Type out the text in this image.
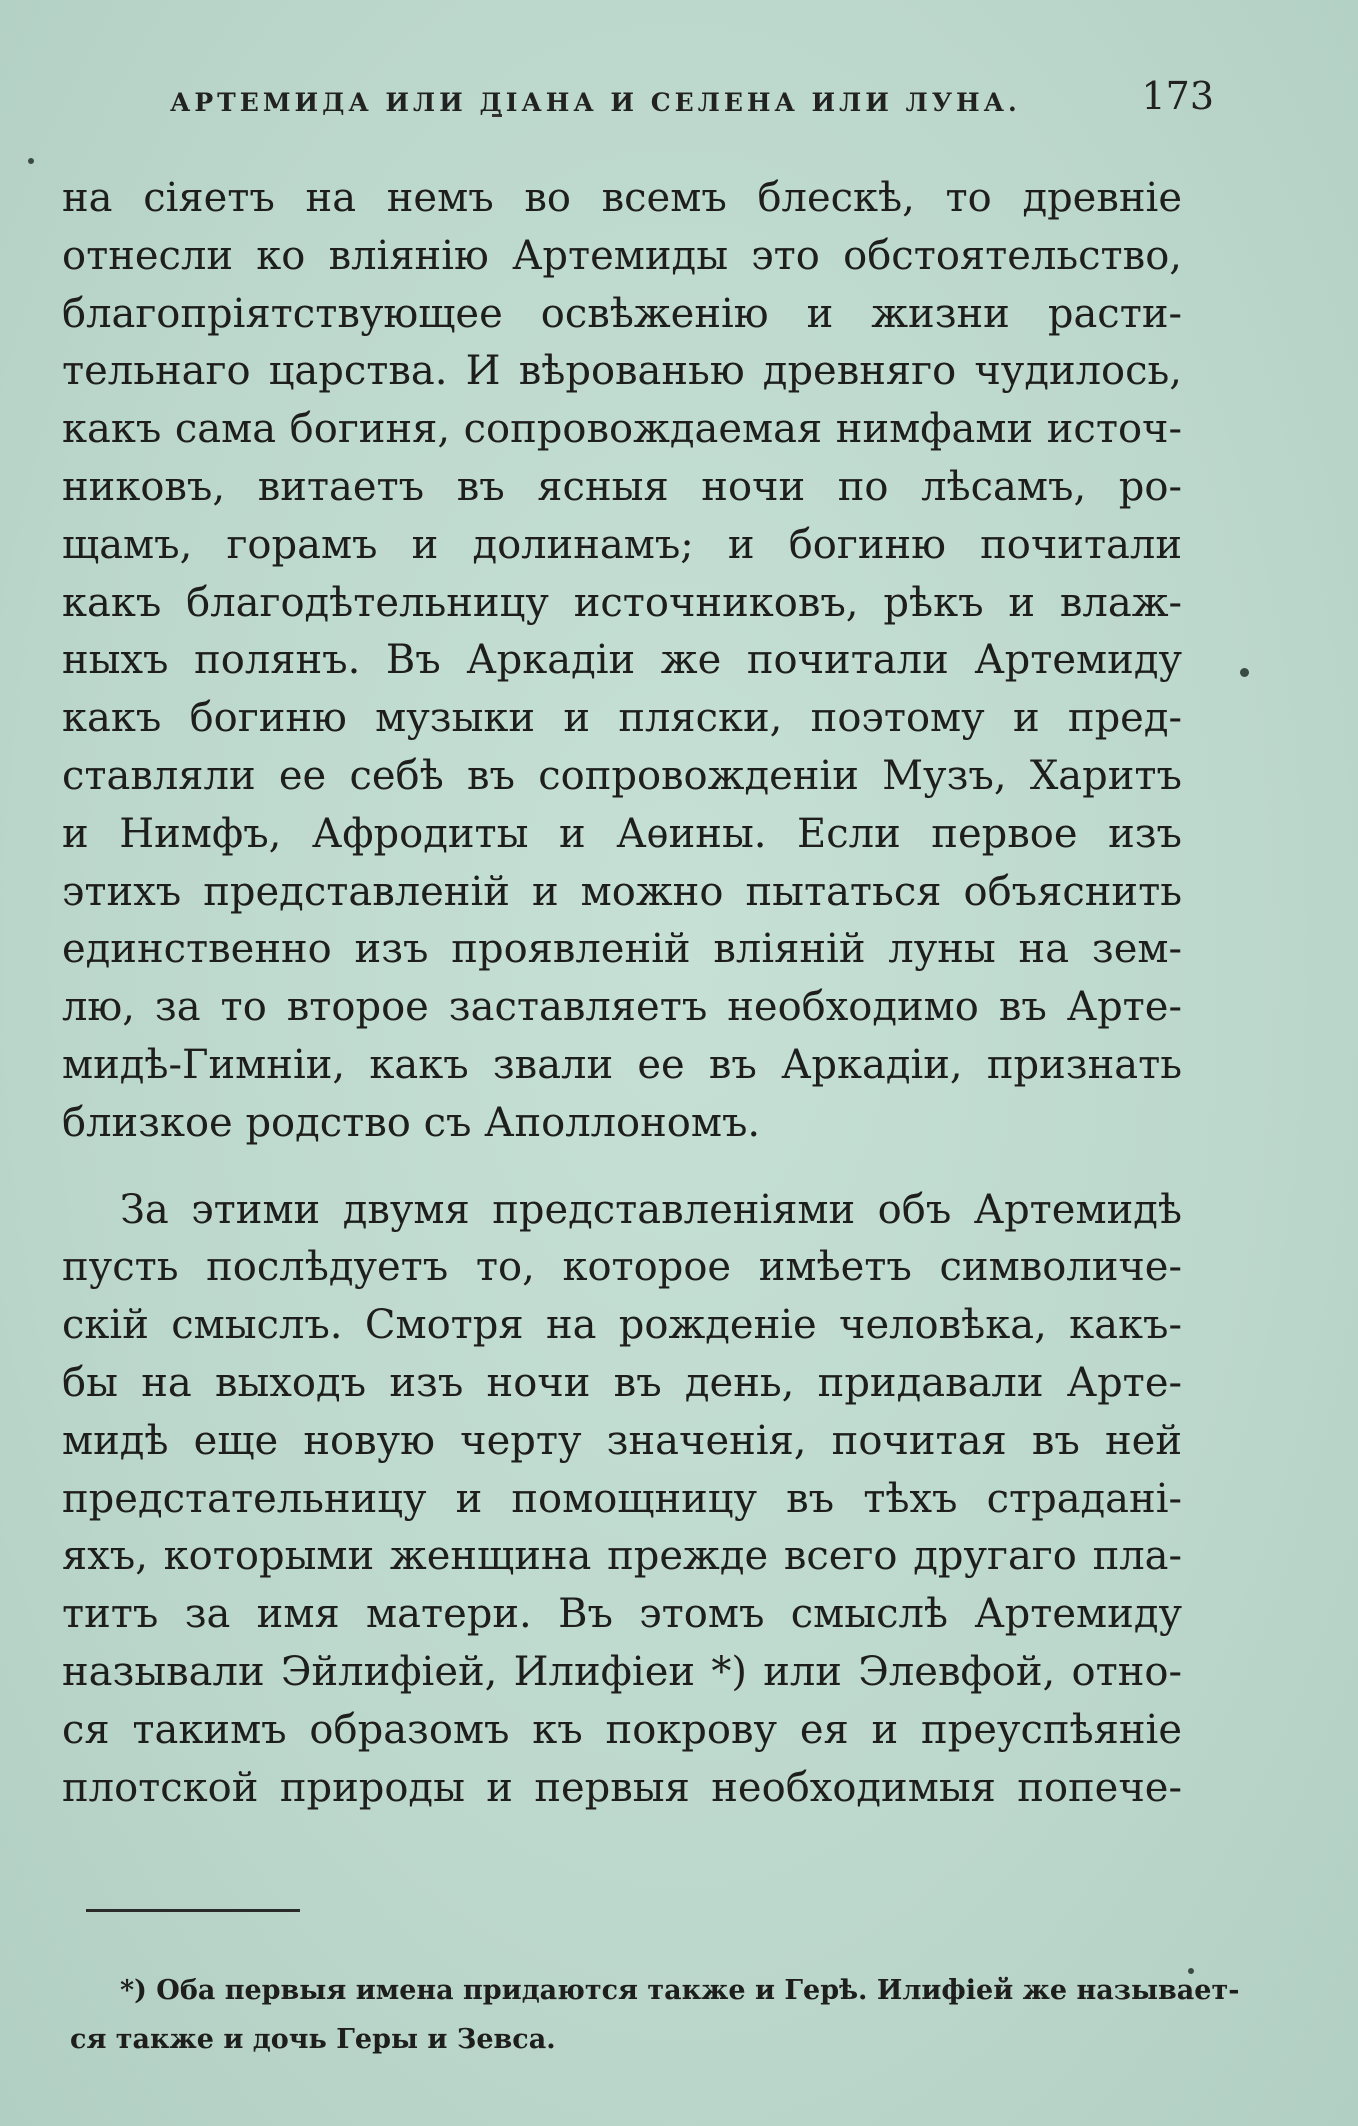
АРТЕМИДА ИЛИ ДІАНА И СЕЛЕНА ИЛИ ЛУНА.	173
на сіяетъ на немъ во всемъ блескѣ, то древніе
отнесли ко вліянію Артемиды это обстоятельство,
благопріятствующее освѣженію и жизни расти-
тельнаго царства. И вѣрованью древняго чудилось,
какъ сама богиня, сопровождаемая нимфами источ-
никовъ, витаетъ въ ясныя ночи по лѣсамъ, ро-
щамъ, горамъ и долинамъ; и богиню почитали
какъ благодѣтельницу источниковъ, рѣкъ и влаж-
ныхъ полянъ. Въ Аркадіи же почитали Артемиду
какъ богиню музыки и пляски, поэтому и пред-
ставляли ее себѣ въ сопровожденіи Музъ, Харитъ
и Нимфъ, Афродиты и Аѳины. Если первое изъ
этихъ представленій и можно пытаться объяснить
единственно изъ проявленій вліяній луны на зем-
лю, за то второе заставляетъ необходимо въ Арте-
мидѣ-Гимніи, какъ звали ее въ Аркадіи, признать
близкое родство съ Аполлономъ.
За этими двумя представленіями объ Артемидѣ
пусть послѣдуетъ то, которое имѣетъ символиче-
скій смыслъ. Смотря на рожденіе человѣка, какъ-
бы на выходъ изъ ночи въ день, придавали Арте-
мидѣ еще новую черту значенія, почитая въ ней
предстательницу и помощницу въ тѣхъ страдані-
яхъ, которыми женщина прежде всего другаго пла-
титъ за имя матери. Въ этомъ смыслѣ Артемиду
называли Эйлифіей, Илифіеи *) или Элевфой, отно-
ся такимъ образомъ къ покрову ея и преуспѣяніе
плотской природы и первыя необходимыя попече-
*) Оба первыя имена придаются также и Герѣ. Илифіей же называет-
ся также и дочь Геры и Зевса.
